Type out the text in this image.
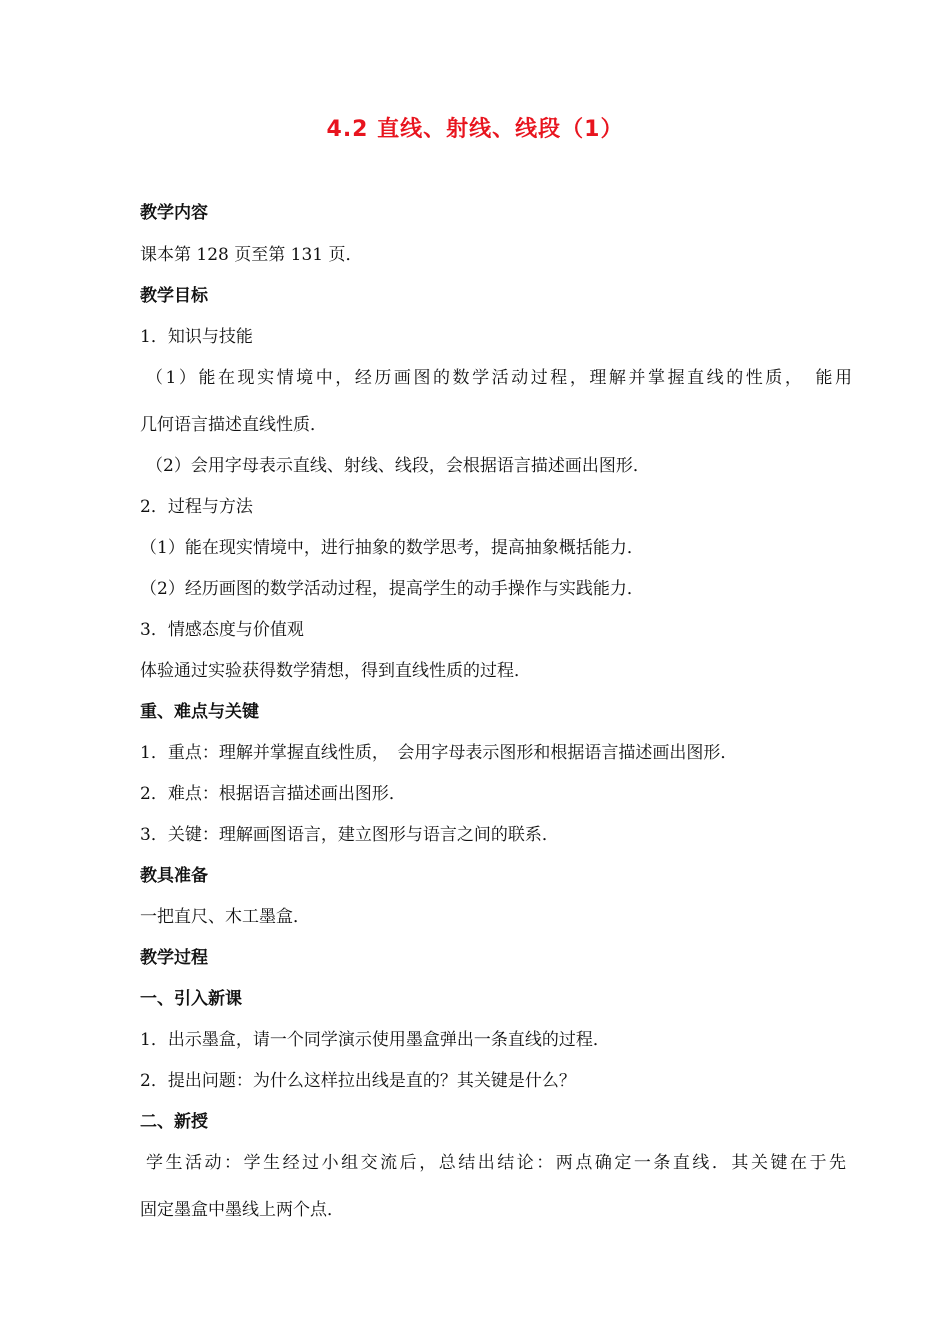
4.2 直线、射线、线段（1）
教学内容
课本第 128 页至第 131 页．
教学目标
1．知识与技能
（1）能在现实情境中，经历画图的数学活动过程，理解并掌握直线的性质，　能用
几何语言描述直线性质．
（2）会用字母表示直线、射线、线段，会根据语言描述画出图形．
2．过程与方法
（1）能在现实情境中，进行抽象的数学思考，提高抽象概括能力．
（2）经历画图的数学活动过程，提高学生的动手操作与实践能力．
3．情感态度与价值观
体验通过实验获得数学猜想，得到直线性质的过程．
重、难点与关键
1．重点：理解并掌握直线性质，　会用字母表示图形和根据语言描述画出图形．
2．难点：根据语言描述画出图形．
3．关键：理解画图语言，建立图形与语言之间的联系．
教具准备
一把直尺、木工墨盒．
教学过程
一、引入新课
1．出示墨盒，请一个同学演示使用墨盒弹出一条直线的过程．
2．提出问题：为什么这样拉出线是直的？其关键是什么？
二、新授
学生活动：学生经过小组交流后，总结出结论：两点确定一条直线．其关键在于先
固定墨盒中墨线上两个点．
